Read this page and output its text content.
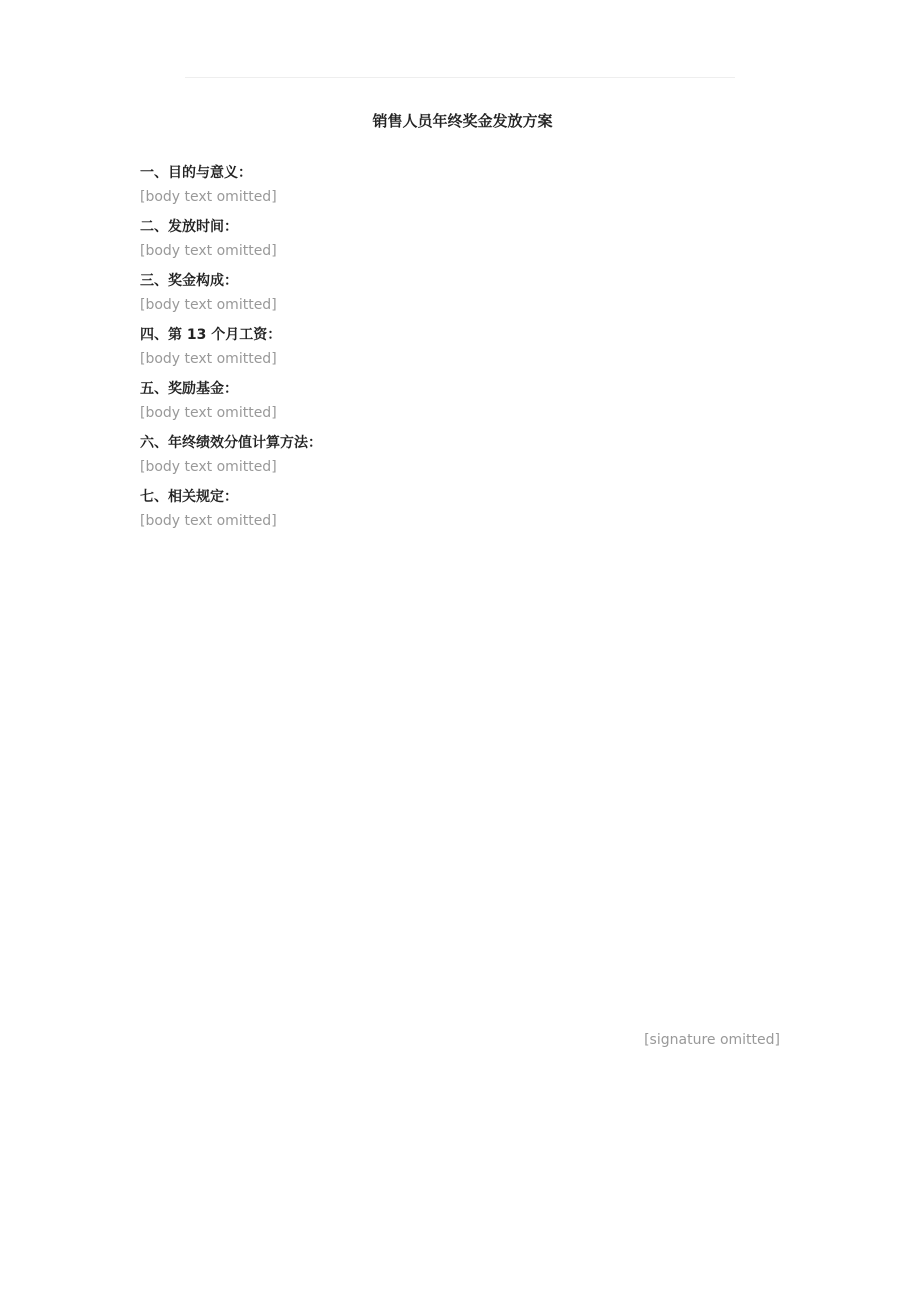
销售人员年终奖金发放方案
一、目的与意义：
[body text omitted]
二、发放时间：
[body text omitted]
三、奖金构成：
[body text omitted]
四、第 13 个月工资：
[body text omitted]
五、奖励基金：
[body text omitted]
六、年终绩效分值计算方法：
[body text omitted]
七、相关规定：
[body text omitted]
[signature omitted]
